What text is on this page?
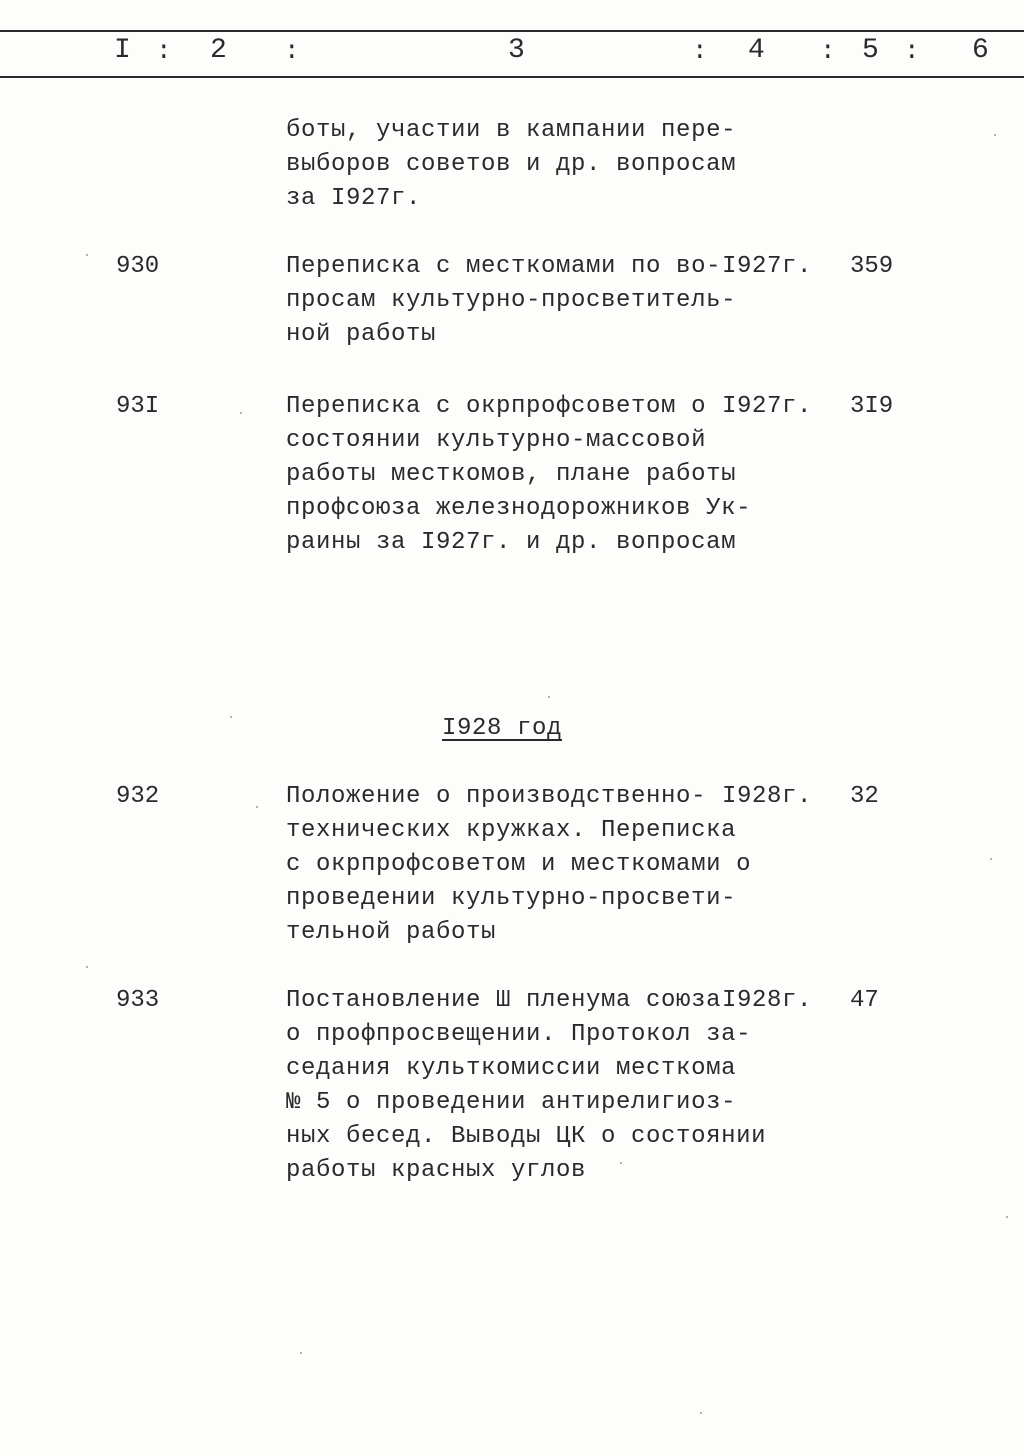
I : 2 :	3	: 4 : 5 : 6
боты, участии в кампании пере-
выборов советов и др. вопросам
за I927г.
930	Переписка с месткомами по во-
просам культурно-просветитель-
ной работы
I927г. 359
93I	Переписка с окрпрофсоветом о
состоянии культурно-массовой
работы месткомов, плане работы
профсоюза железнодорожников Ук-
раины за I927г. и др. вопросам
I927г. 3I9
I928 год
932	Положение о производственно-
технических кружках. Переписка
с окрпрофсоветом и месткомами о
проведении культурно-просвети-
тельной работы
I928г. 32
933	Постановление Ш пленума союза
о профпросвещении. Протокол за-
седания культкомиссии месткома
№ 5 о проведении антирелигиоз-
ных бесед. Выводы ЦК о состоянии
работы красных углов
I928г. 47
